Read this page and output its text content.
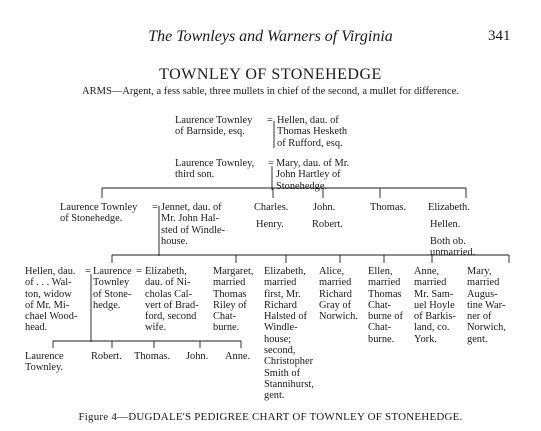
The Townleys and Warners of Virginia	341
TOWNLEY OF STONEHEDGE
ARMS—Argent, a fess sable, three mullets in chief of the second, a mullet for difference.
Laurence Townley
of Barnside, esq.
= Hellen, dau. of
Thomas Hesketh
of Rufford, esq.
Laurence Townley,
third son.
= Mary, dau. of Mr.
John Hartley of
Stonehedge.
Laurence Townley
of Stonehedge.
= Jennet, dau. of
Mr. John Hal-
sted of Windle-
house.
Charles.
Henry.
John.
Robert.
Thomas. Elizabeth.
Hellen.
Both ob.
unmarried.
Hellen, dau.
of . . . Wal-
ton, widow
of Mr. Mi-
chael Wood-
head.
= Laurence
Townley
of Stone-
hedge.
= Elizabeth,
dau. of Ni-
cholas Cal-
vert of Brad-
ford, second
wife.
Margaret,
married
Thomas
Riley of
Chat-
burne.
Elizabeth,
married
first, Mr.
Richard
Halsted of
Windle-
house;
second,
Christopher
Smith of
Stannihurst,
gent.
Alice,
married
Richard
Gray of
Norwich.
Ellen,
married
Thomas
Chat-
burne of
Chat-
burne.
Anne,
married
Mr. Sam-
uel Hoyle
of Barkis-
land, co.
York.
Mary,
married
Augus-
tine War-
ner of
Norwich,
gent.
Laurence
Townley.
Robert. Thomas. John. Anne.
Figure 4—DUGDALE'S PEDIGREE CHART OF TOWNLEY OF STONEHEDGE.
